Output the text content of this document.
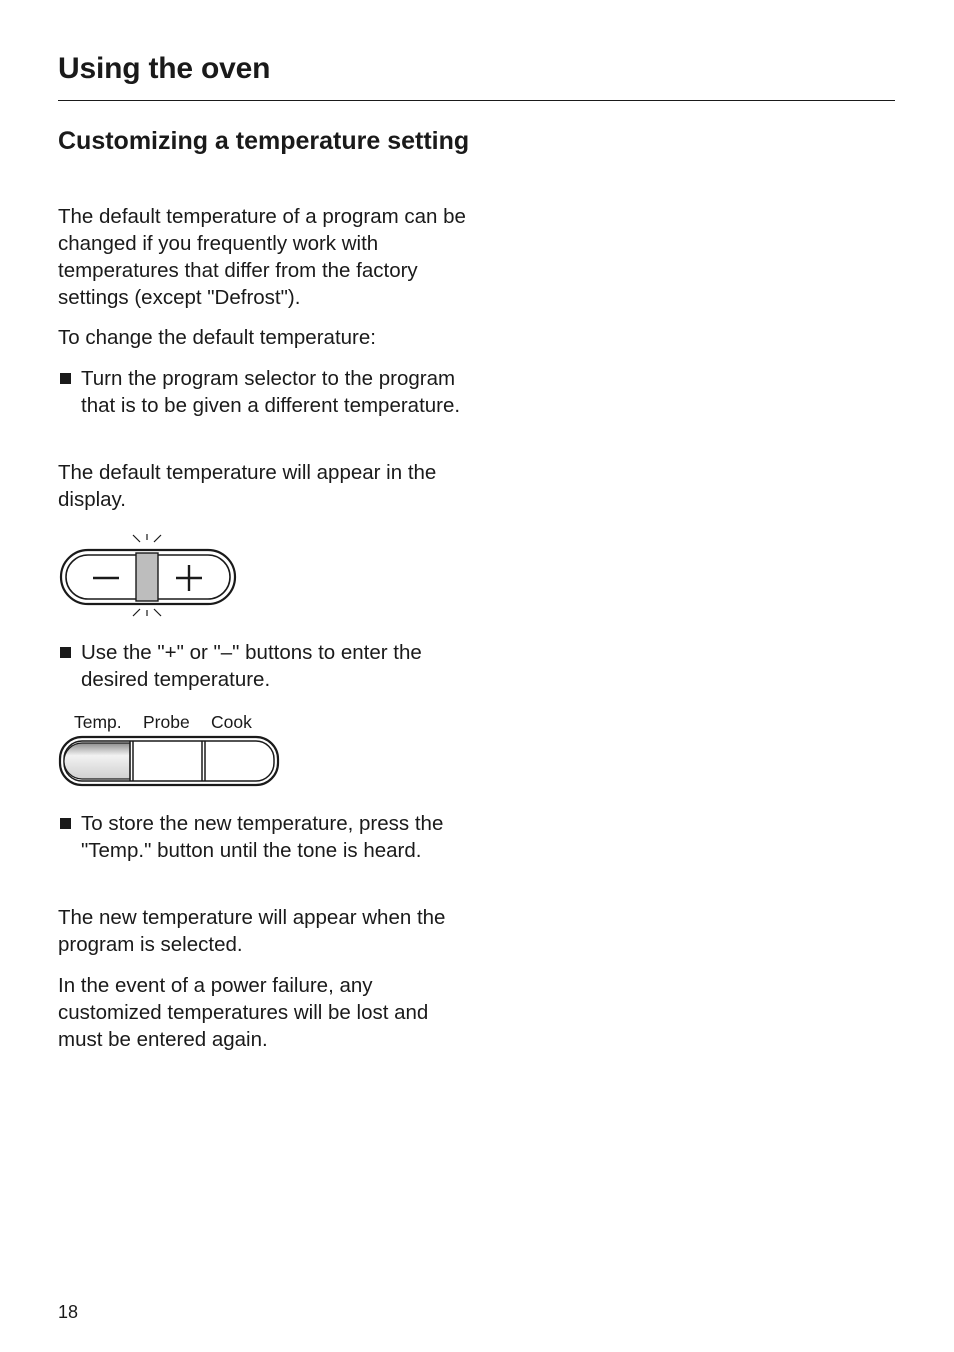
Using the oven
Customizing a temperature setting
The default temperature of a program can be changed if you frequently work with temperatures that differ from the factory settings (except "Defrost").
To change the default temperature:
Turn the program selector to the program that is to be given a different temperature.
The default temperature will appear in the display.
Use the "+" or "–" buttons to enter the desired temperature.
Temp. Probe Cook
To store the new temperature, press the "Temp." button until the tone is heard.
The new temperature will appear when the program is selected.
In the event of a power failure, any customized temperatures will be lost and must be entered again.
18
